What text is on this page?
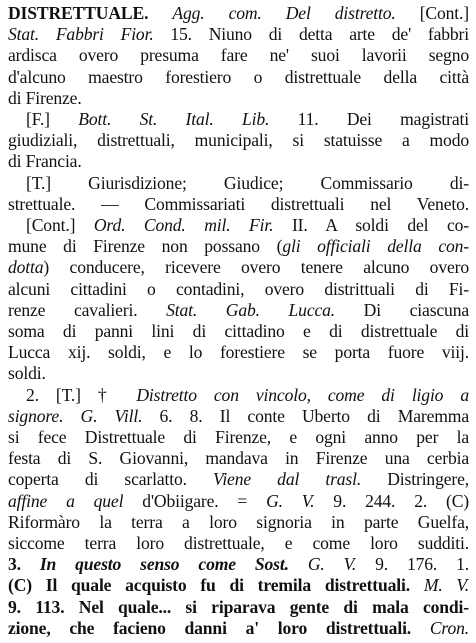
DISTRETTUALE. Agg. com. Del distretto. [Cont.]
Stat. Fabbri Fior. 15. Niuno di detta arte de' fabbri
ardisca overo presuma fare ne' suoi lavorii segno
d'alcuno maestro forestiero o distrettuale della città
di Firenze.
[F.] Bott. St. Ital. Lib. 11. Dei magistrati
giudiziali, distrettuali, municipali, si statuisse a modo
di Francia.
[T.] Giurisdizione; Giudice; Commissario di-
strettuale. — Commissariati distrettuali nel Veneto.
[Cont.] Ord. Cond. mil. Fir. II. A soldi del co-
mune di Firenze non possano (gli officiali della con-
dotta) conducere, ricevere overo tenere alcuno overo
alcuni cittadini o contadini, overo distrittuali di Fi-
renze cavalieri. Stat. Gab. Lucca. Di ciascuna
soma di panni lini di cittadino e di distrettuale di
Lucca xij. soldi, e lo forestiere se porta fuore viij.
soldi.
2. [T.] † Distretto con vincolo, come di ligio a
signore. G. Vill. 6. 8. Il conte Uberto di Maremma
si fece Distrettuale di Firenze, e ogni anno per la
festa di S. Giovanni, mandava in Firenze una cerbia
coperta di scarlatto. Viene dal trasl. Distringere,
affine a quel d'Obiigare. = G. V. 9. 244. 2. (C)
Riformàro la terra a loro signoria in parte Guelfa,
siccome terra loro distrettuale, e come loro sudditi.
3. In questo senso come Sost. G. V. 9. 176. 1.
(C) Il quale acquisto fu di tremila distrettuali. M. V.
9. 113. Nel quale... si riparava gente di mala condi-
zione, che facieno danni a' loro distrettuali. Cron.
